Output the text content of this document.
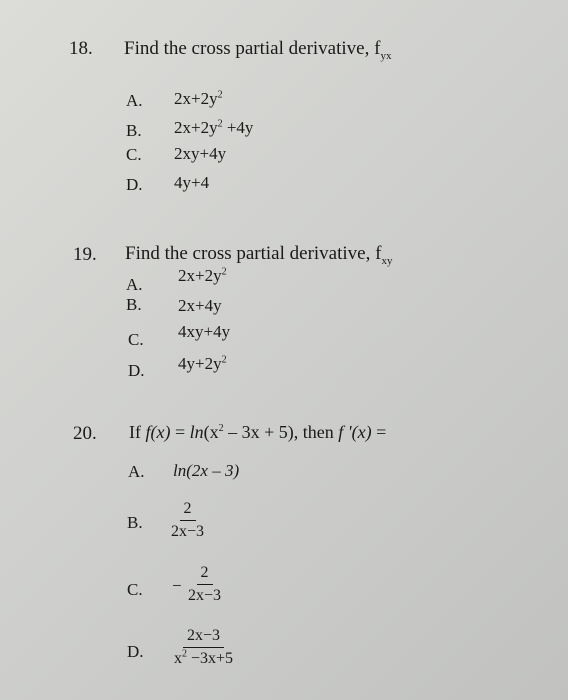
18. Find the cross partial derivative, $f_{yx}$
A. $2x+2y^2$
B. $2x+2y^2 +4y$
C. 2xy+4y
D. 4y+4
19. Find the cross partial derivative, $f_{xy}$
A. $2x+2y^2$
B. 2x+4y
C. 4xy+4y
D. $4y+2y^2$
20. If $f(x) = \ln(x^2 - 3x + 5)$, then f '(x) =
A. ln(2x – 3)
B. $\frac{2}{2x-3}$
C. − $\frac{2}{2x-3}$
D. $\frac{2x-3}{x^2 -3x+5}$
